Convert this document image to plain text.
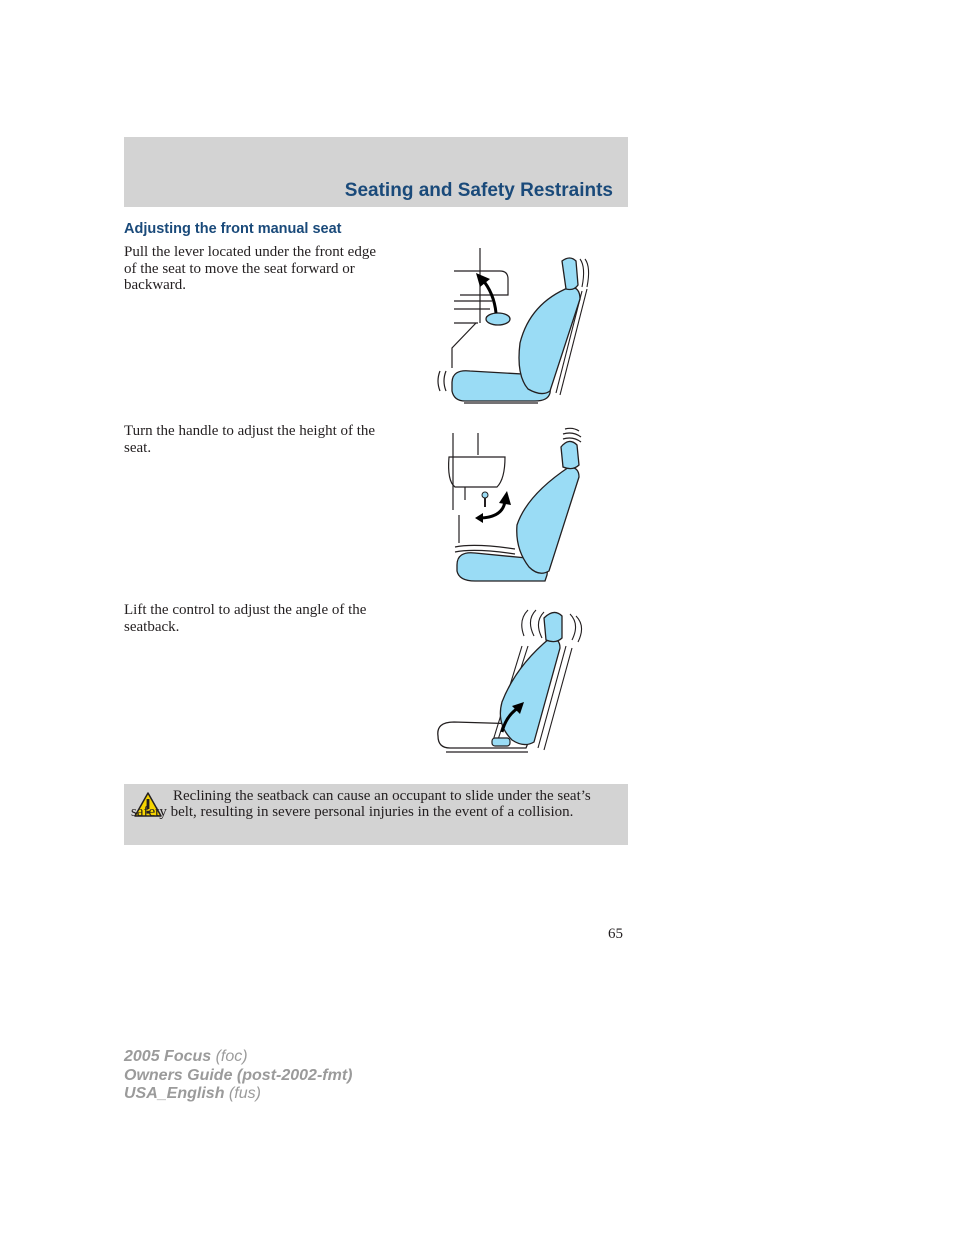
Seating and Safety Restraints
Adjusting the front manual seat
Pull the lever located under the front edge of the seat to move the seat forward or backward.
Turn the handle to adjust the height of the seat.
Lift the control to adjust the angle of the seatback.
Reclining the seatback can cause an occupant to slide under the seat’s safety belt, resulting in severe personal injuries in the event of a collision.
65
2005 Focus (foc)
Owners Guide (post-2002-fmt)
USA_English (fus)
